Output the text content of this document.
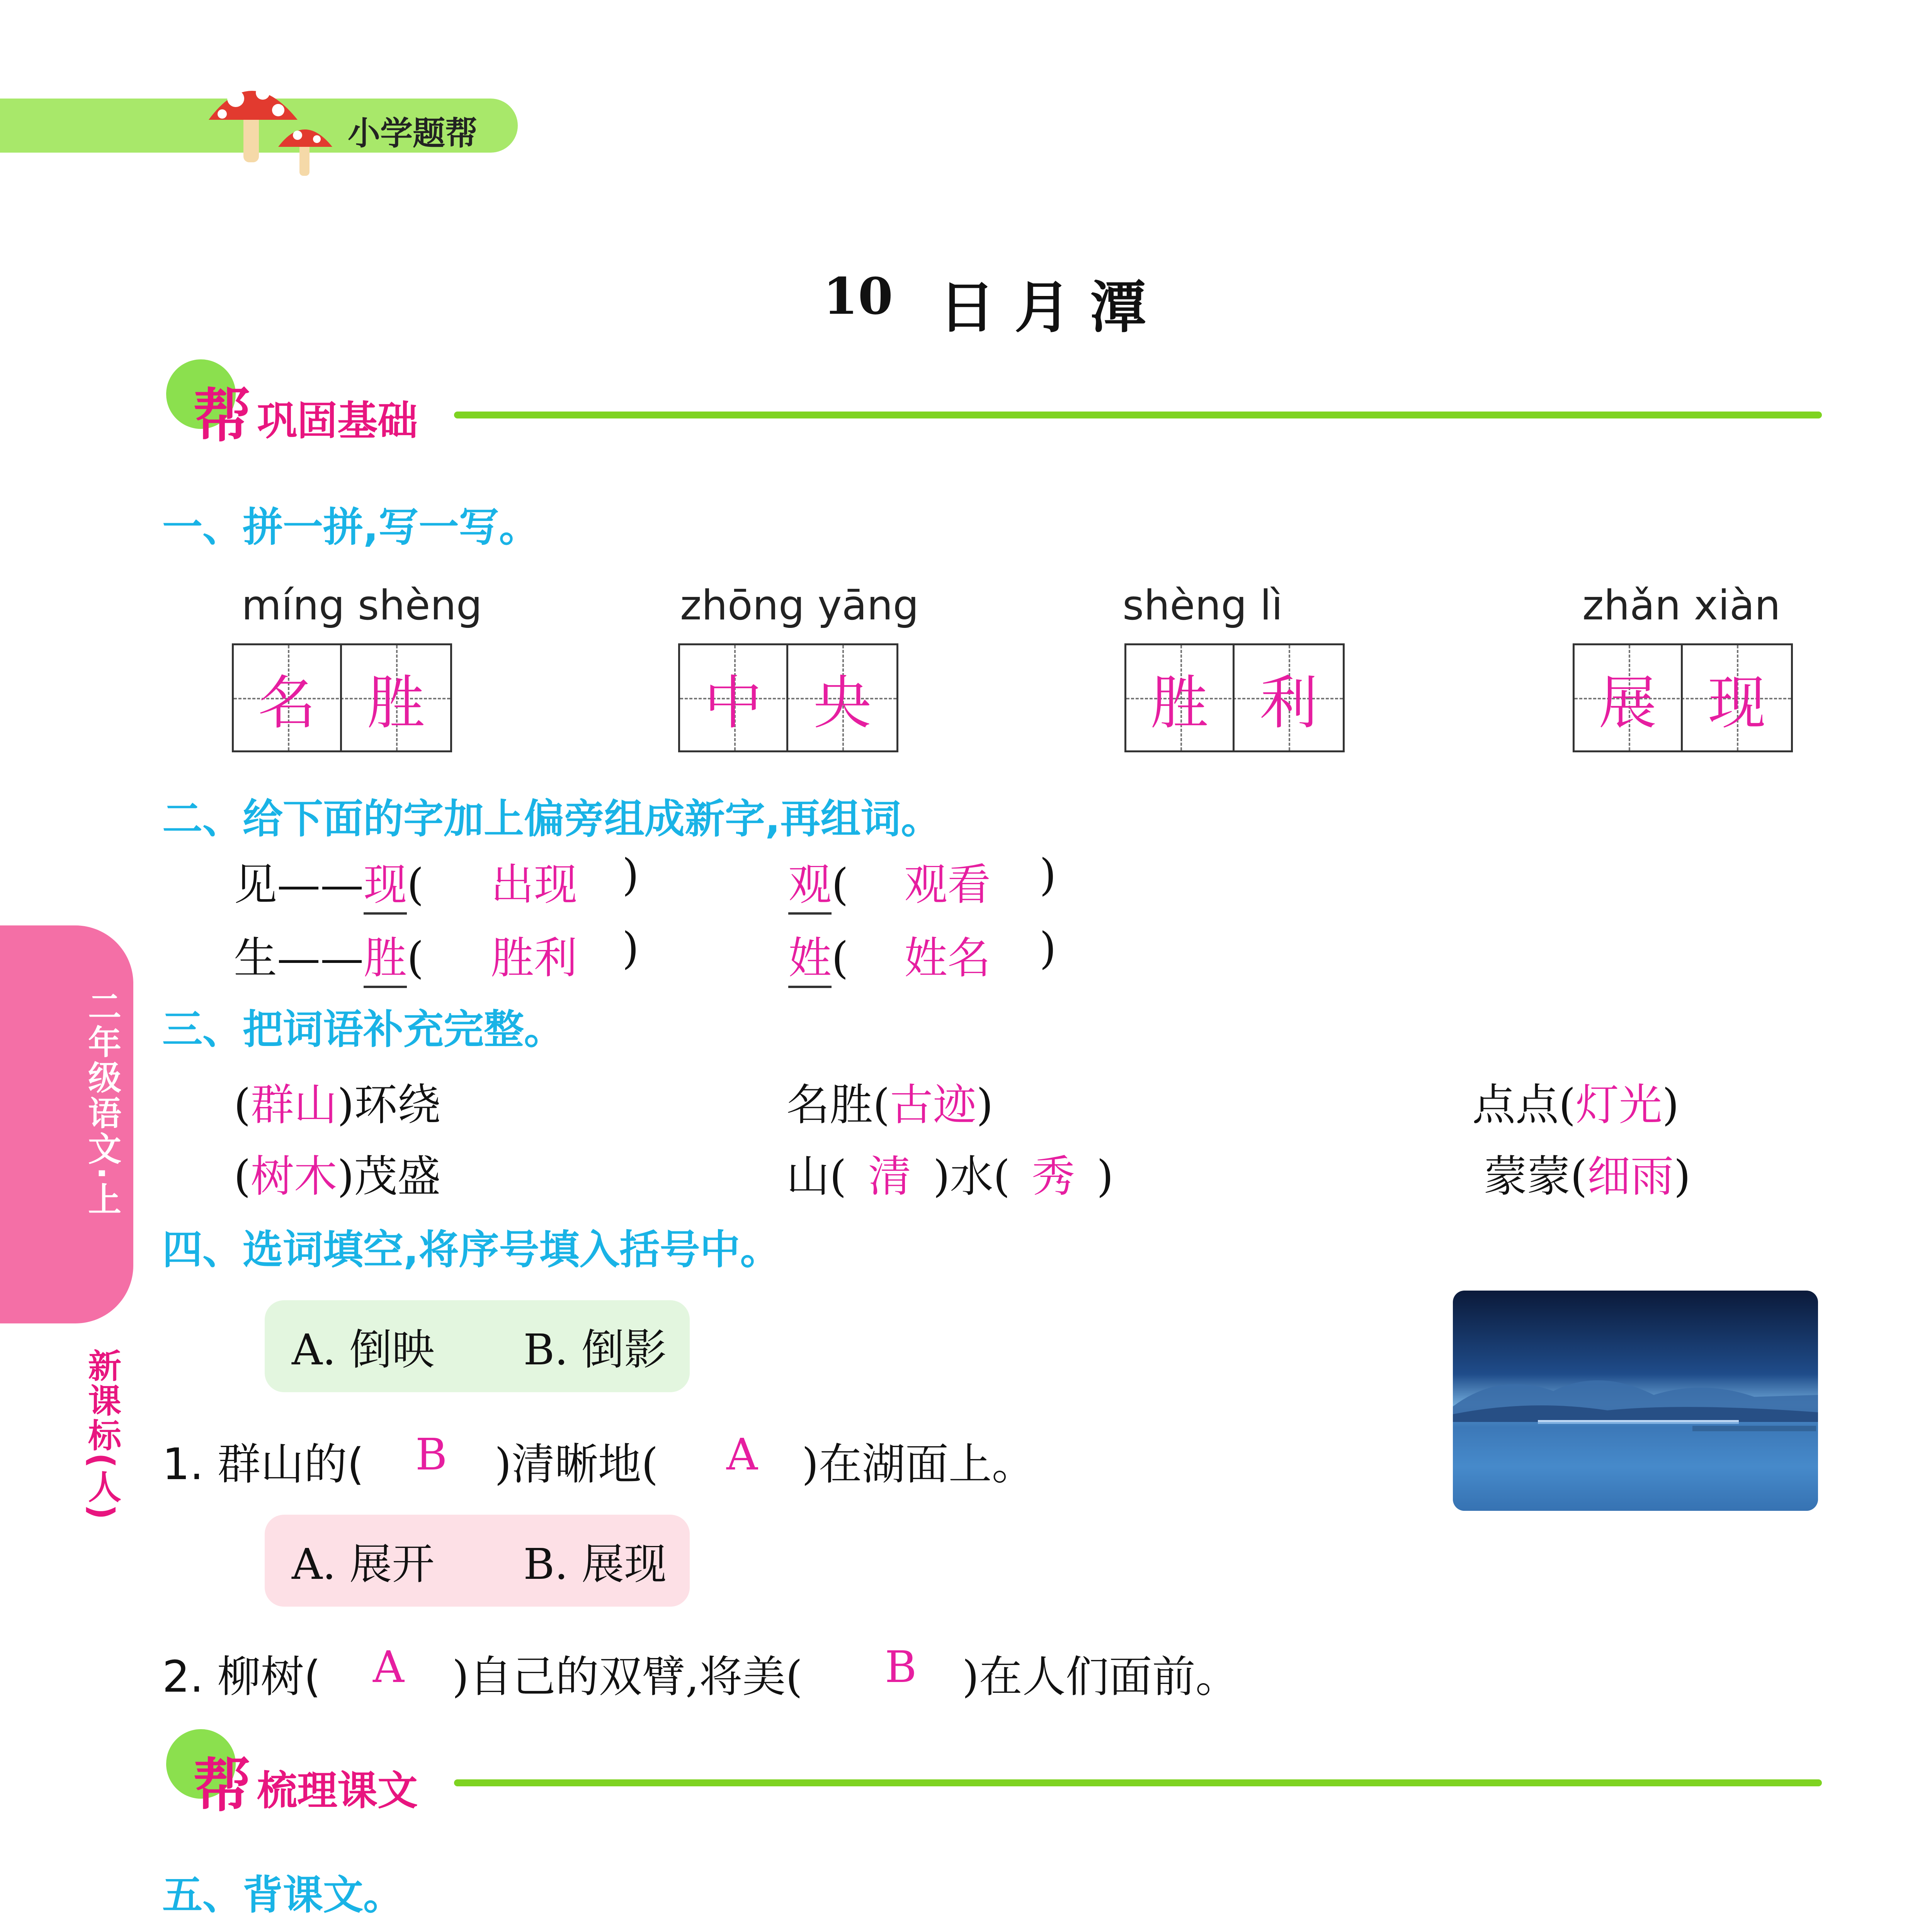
小学题帮
10 日 月 潭
帮 巩固基础
一、拼一拼,写一写。
míng shèng	zhōng yāng	shèng lì	zhǎn xiàn
名 胜	中 央	胜 利	展 现
二、给下面的字加上偏旁组成新字,再组词。
见——现( 出现 )	观( 观看 )
生——胜( 胜利 )	姓( 姓名 )
三、把词语补充完整。
(群山)环绕	名胜(古迹)	点点(灯光)
(树木)茂盛	山( 清 )水( 秀 )	蒙蒙(细雨)
四、选词填空,将序号填入括号中。
A. 倒映 B. 倒影
1. 群山的( B )清晰地( A )在湖面上。
A. 展开 B. 展现
2. 柳树( A )自己的双臂,将美( B )在人们面前。
帮 梳理课文
五、背课文。
二年级语文·上
新课标(人)
